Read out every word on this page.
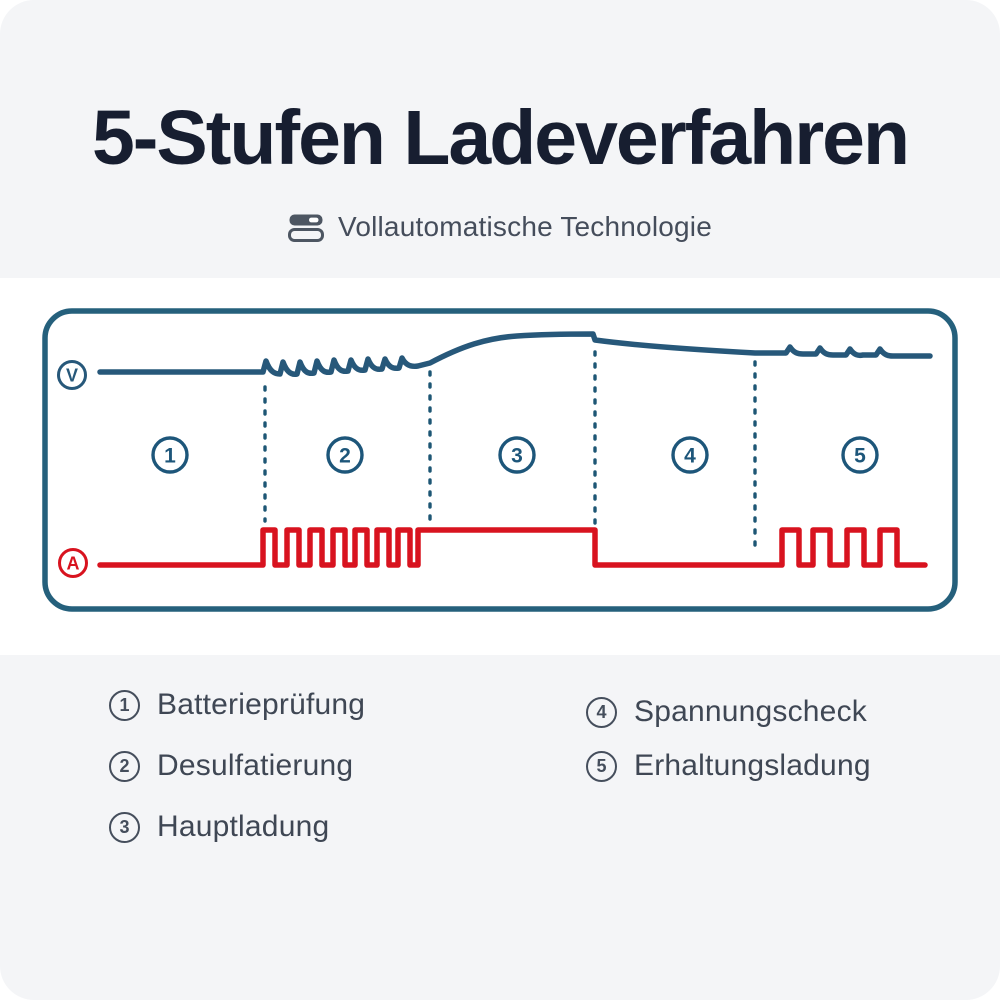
5-Stufen Ladeverfahren
Vollautomatische Technologie
V
A
1	2	3	4	5
1 Batterieprüfung
2 Desulfatierung
3 Hauptladung
4 Spannungscheck
5 Erhaltungsladung
